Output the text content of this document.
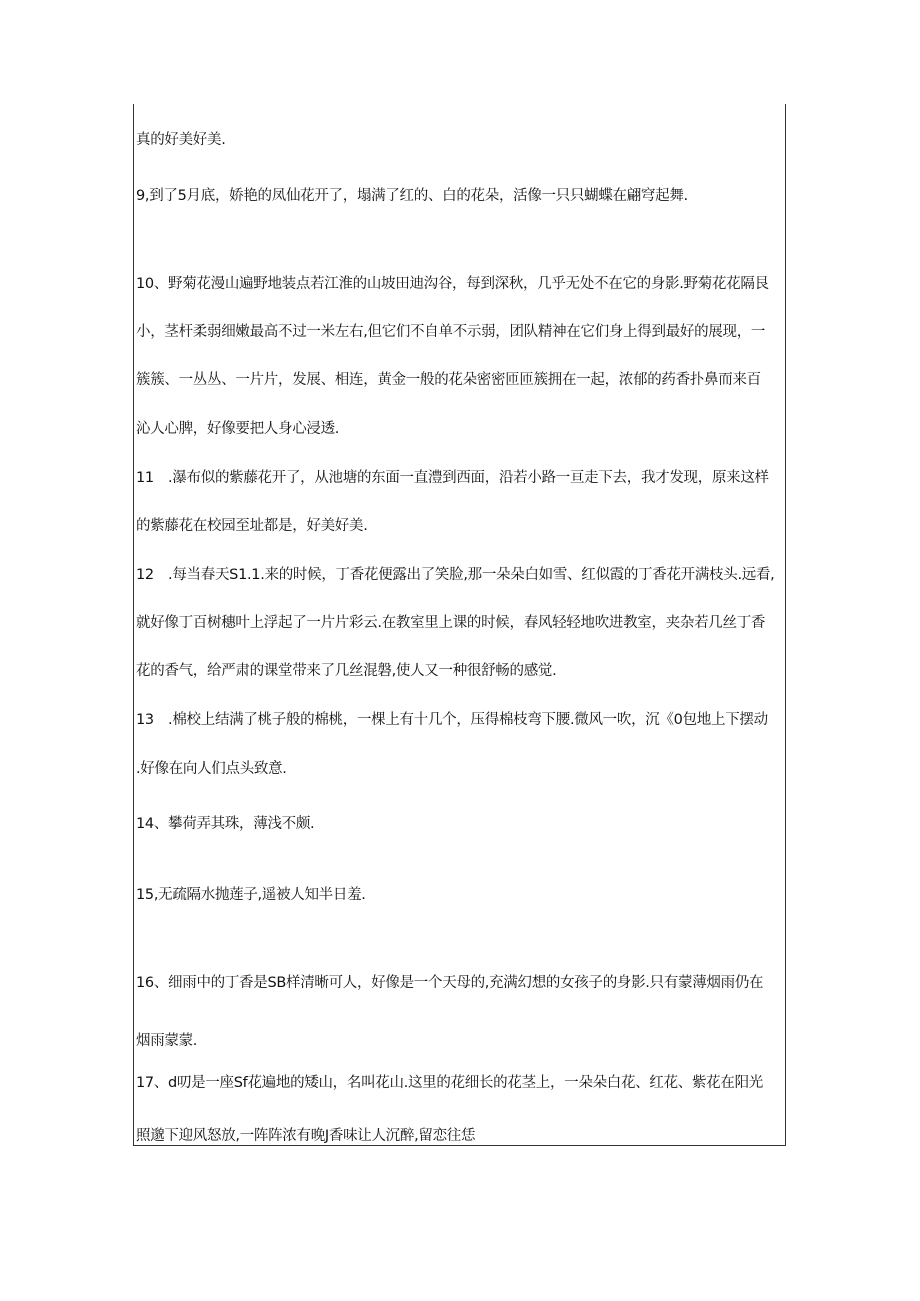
真的好美好美.
9,到了5月底，娇艳的凤仙花开了，塌满了红的、白的花朵，活像一只只蝴蝶在翩穹起舞.
10、野菊花漫山遍野地装点若江淮的山坡田迪沟谷，每到深秋，几乎无处不在它的身影.野菊花花隔艮
小，茎杆柔弱细嫩最高不过一米左右,但它们不自单不示弱，团队精神在它们身上得到最好的展现，一
簇簇、一丛丛、一片片，发展、相连，黄金一般的花朵密密匝匝簇拥在一起，浓郁的药香扑鼻而来百
沁人心脾，好像要把人身心浸透.
11　.瀑布似的紫藤花开了，从池塘的东面一直澧到西面，沿若小路一亘走下去，我才发现，原来这样
的紫藤花在校园至址都是，好美好美.
12　.每当春天S1.1.来的时候，丁香花便露出了笑脸,那一朵朵白如雪、红似霞的丁香花开满枝头.远看,
就好像丁百树穗叶上浮起了一片片彩云.在教室里上课的时候，春风轻轻地吹进教室，夹杂若几丝丁香
花的香气，给严肃的课堂带来了几丝混磐,使人又一种很舒畅的感觉.
13　.棉校上结满了桃子般的棉桃，一棵上有十几个，压得棉枝弯下腰.微风一吹，沉《0包地上下摆动
.好像在向人们点头致意.
14、攀荷弄其珠，薄浅不颇.
15,无疏隔水抛莲子,遥被人知半日羞.
16、细雨中的丁香是SB样清晰可人，好像是一个天母的,充满幻想的女孩子的身影.只有蒙薄烟雨仍在
烟雨蒙蒙.
17、d叨是一座Sf花遍地的矮山，名叫花山.这里的花细长的花茎上，一朵朵白花、红花、紫花在阳光
照邈下迎风怒放,一阵阵浓有晚J香味让人沉醉,留恋往恁
